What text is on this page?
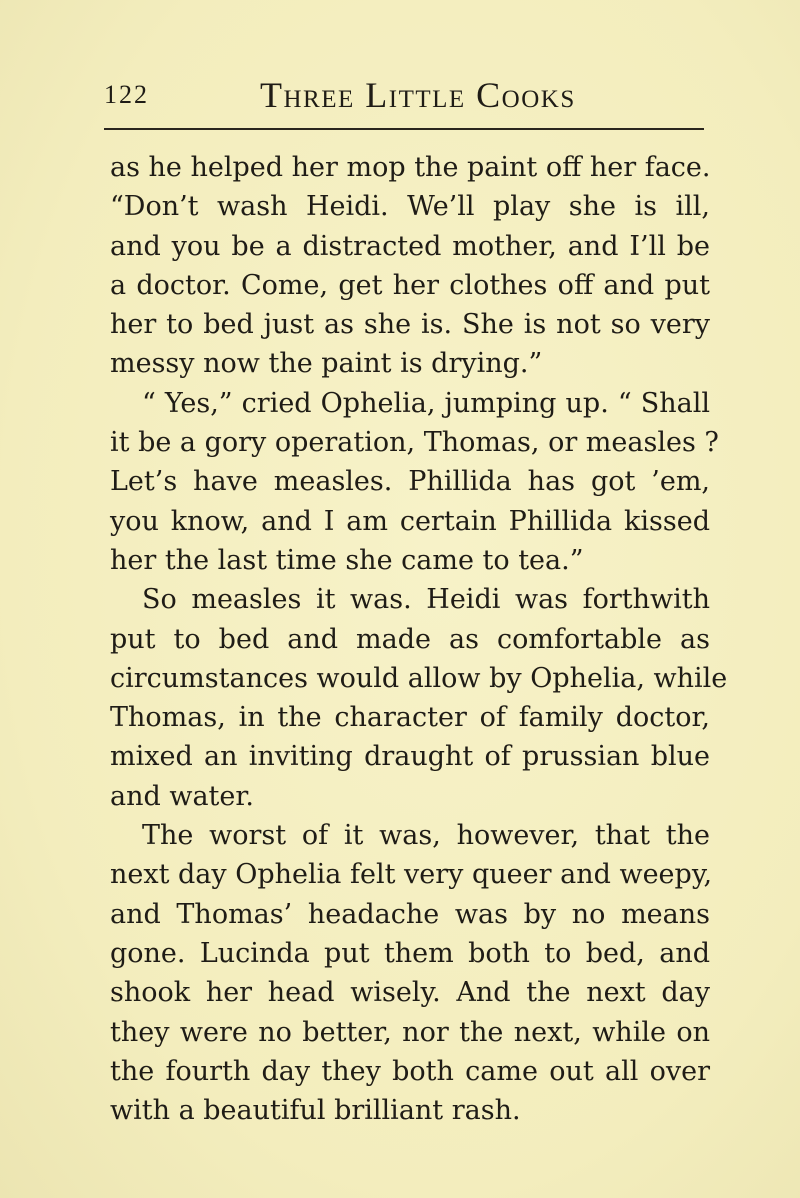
122	Three Little Cooks
as he helped her mop the paint off her face.
“Don’t wash Heidi. We’ll play she is ill,
and you be a distracted mother, and I’ll be
a doctor. Come, get her clothes off and put
her to bed just as she is. She is not so very
messy now the paint is drying.”
“ Yes,” cried Ophelia, jumping up. “ Shall
it be a gory operation, Thomas, or measles ?
Let’s have measles. Phillida has got ’em,
you know, and I am certain Phillida kissed
her the last time she came to tea.”
So measles it was. Heidi was forthwith
put to bed and made as comfortable as
circumstances would allow by Ophelia, while
Thomas, in the character of family doctor,
mixed an inviting draught of prussian blue
and water.
The worst of it was, however, that the
next day Ophelia felt very queer and weepy,
and Thomas’ headache was by no means
gone. Lucinda put them both to bed, and
shook her head wisely. And the next day
they were no better, nor the next, while on
the fourth day they both came out all over
with a beautiful brilliant rash.
